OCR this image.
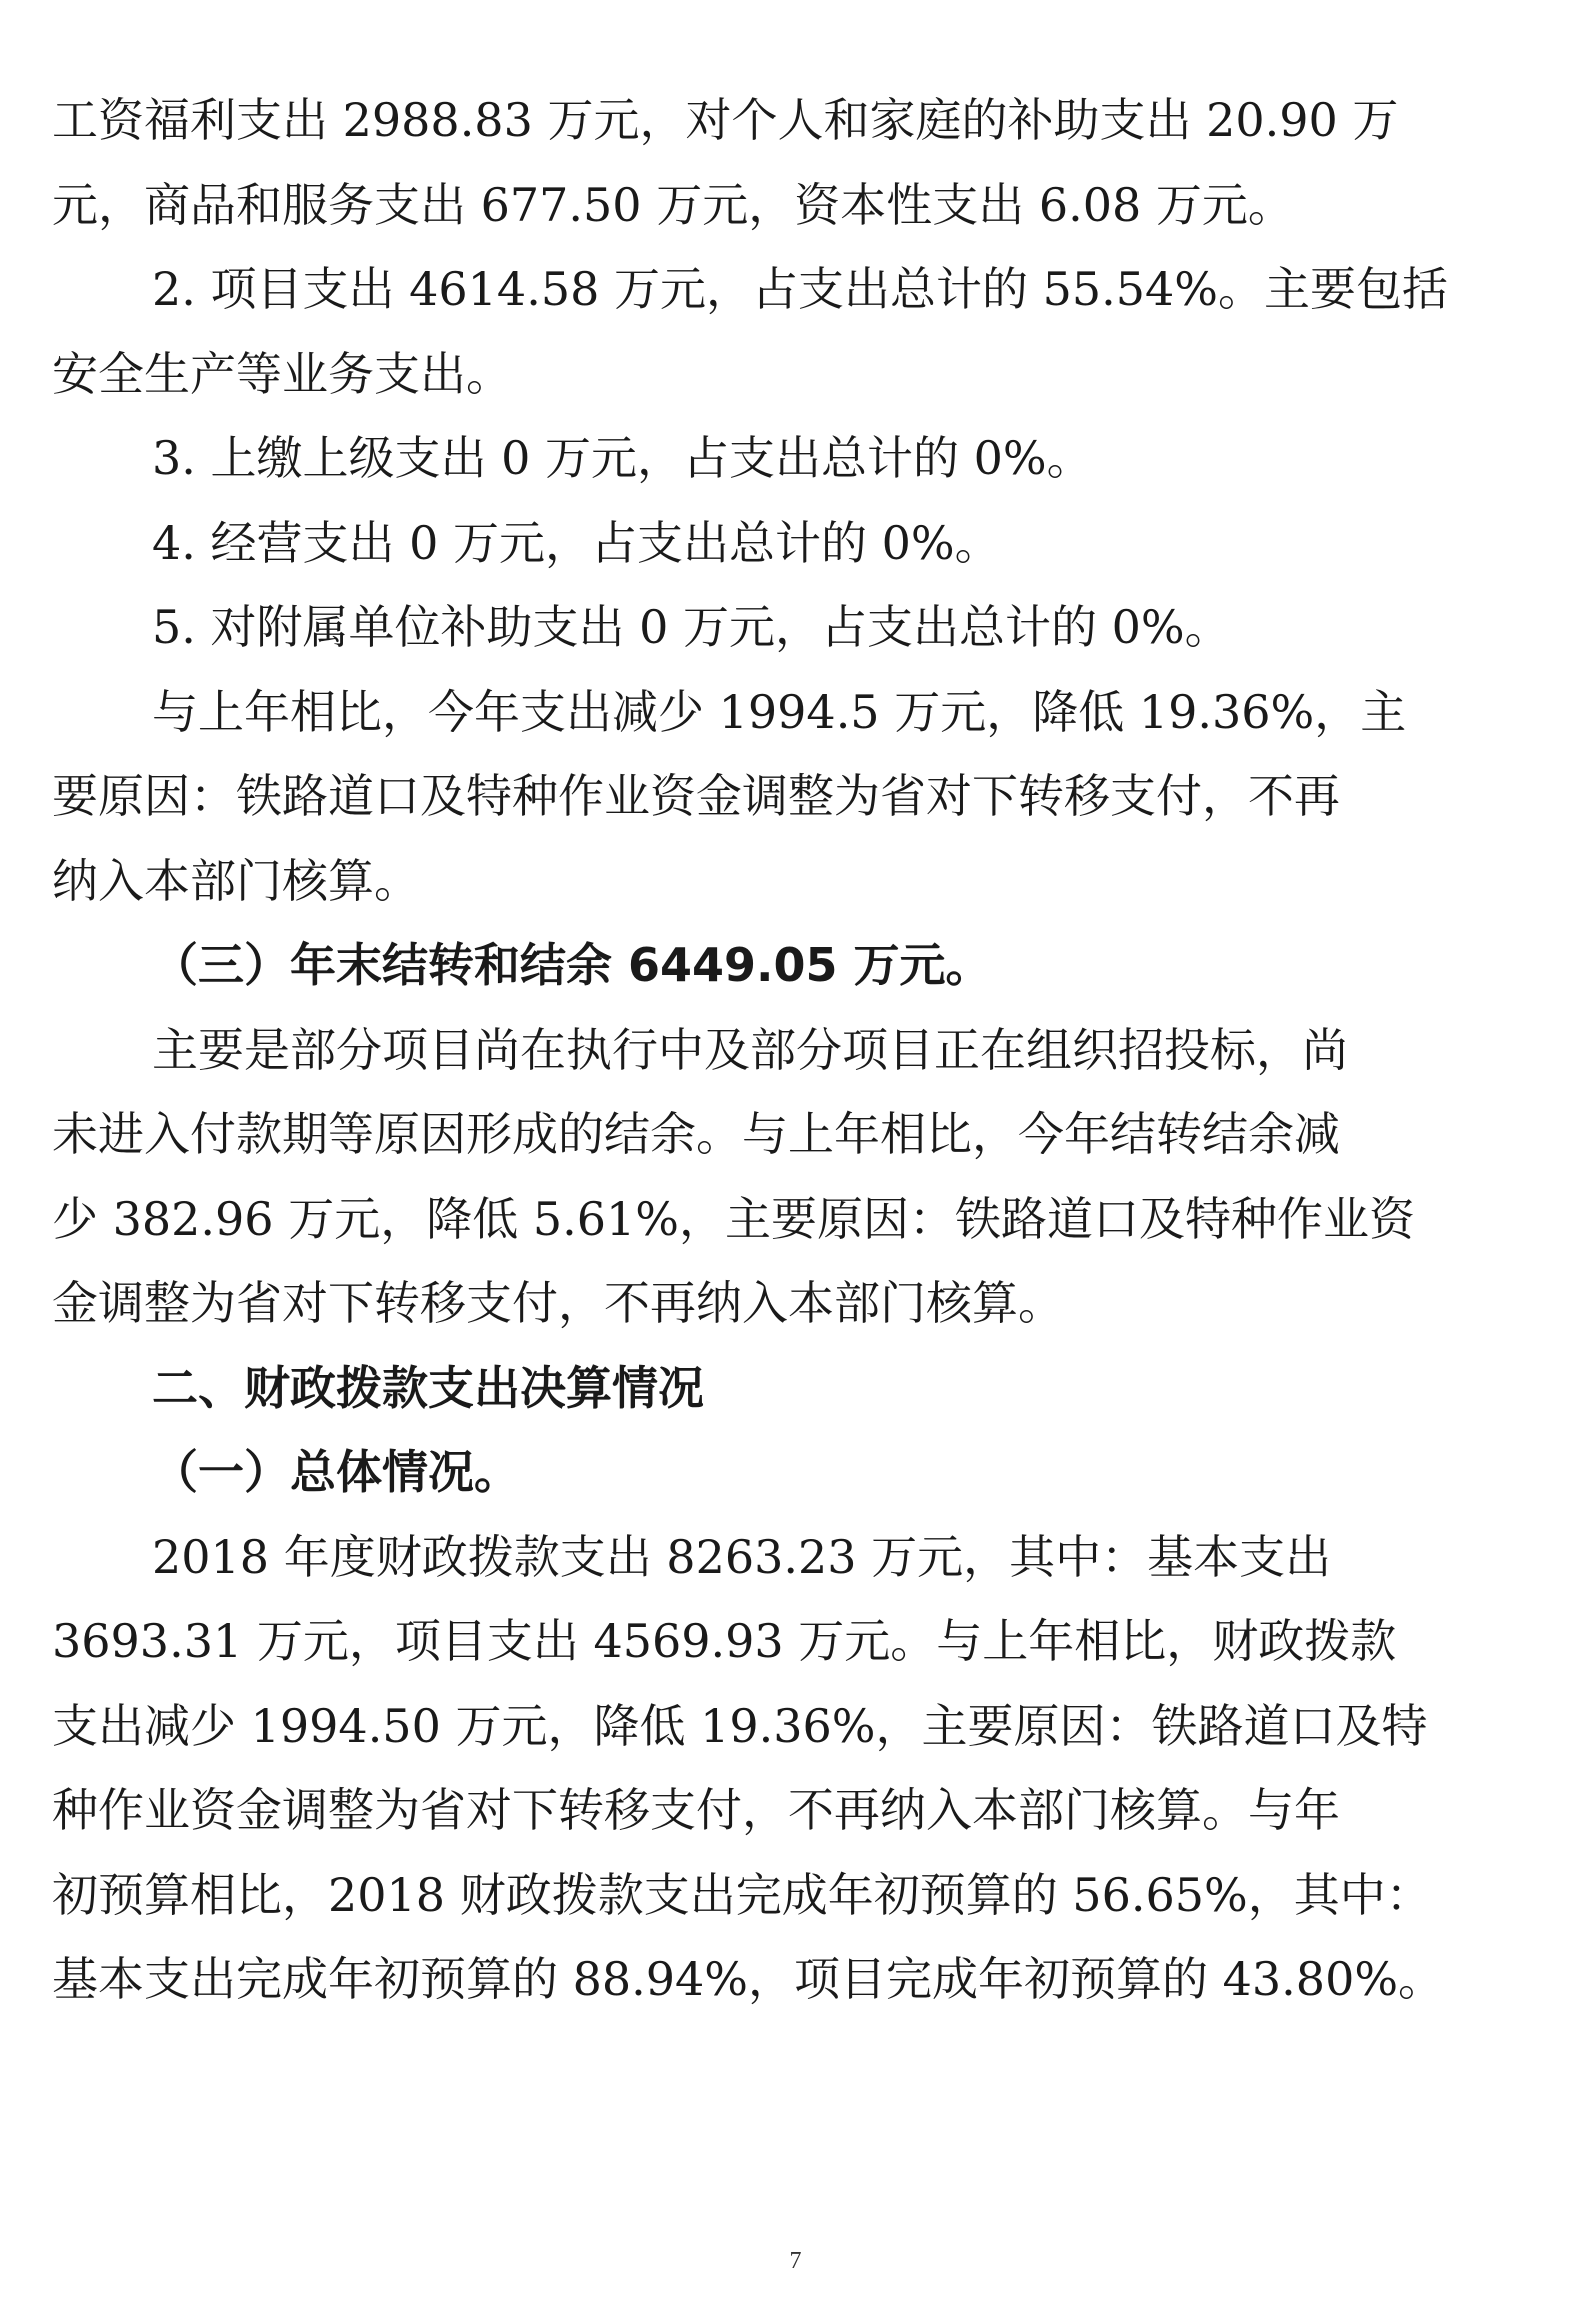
工资福利支出 2988.83 万元，对个人和家庭的补助支出 20.90 万
元，商品和服务支出 677.50 万元，资本性支出 6.08 万元。
2. 项目支出 4614.58 万元，占支出总计的 55.54%。主要包括
安全生产等业务支出。
3. 上缴上级支出 0 万元，占支出总计的 0%。
4. 经营支出 0 万元，占支出总计的 0%。
5. 对附属单位补助支出 0 万元，占支出总计的 0%。
与上年相比，今年支出减少 1994.5 万元，降低 19.36%，主
要原因：铁路道口及特种作业资金调整为省对下转移支付，不再
纳入本部门核算。
（三）年末结转和结余 6449.05 万元。
主要是部分项目尚在执行中及部分项目正在组织招投标，尚
未进入付款期等原因形成的结余。与上年相比，今年结转结余减
少 382.96 万元，降低 5.61%，主要原因：铁路道口及特种作业资
金调整为省对下转移支付，不再纳入本部门核算。
二、财政拨款支出决算情况
（一）总体情况。
2018 年度财政拨款支出 8263.23 万元，其中：基本支出
3693.31 万元，项目支出 4569.93 万元。与上年相比，财政拨款
支出减少 1994.50 万元，降低 19.36%，主要原因：铁路道口及特
种作业资金调整为省对下转移支付，不再纳入本部门核算。与年
初预算相比，2018 财政拨款支出完成年初预算的 56.65%，其中：
基本支出完成年初预算的 88.94%，项目完成年初预算的 43.80%。
7
